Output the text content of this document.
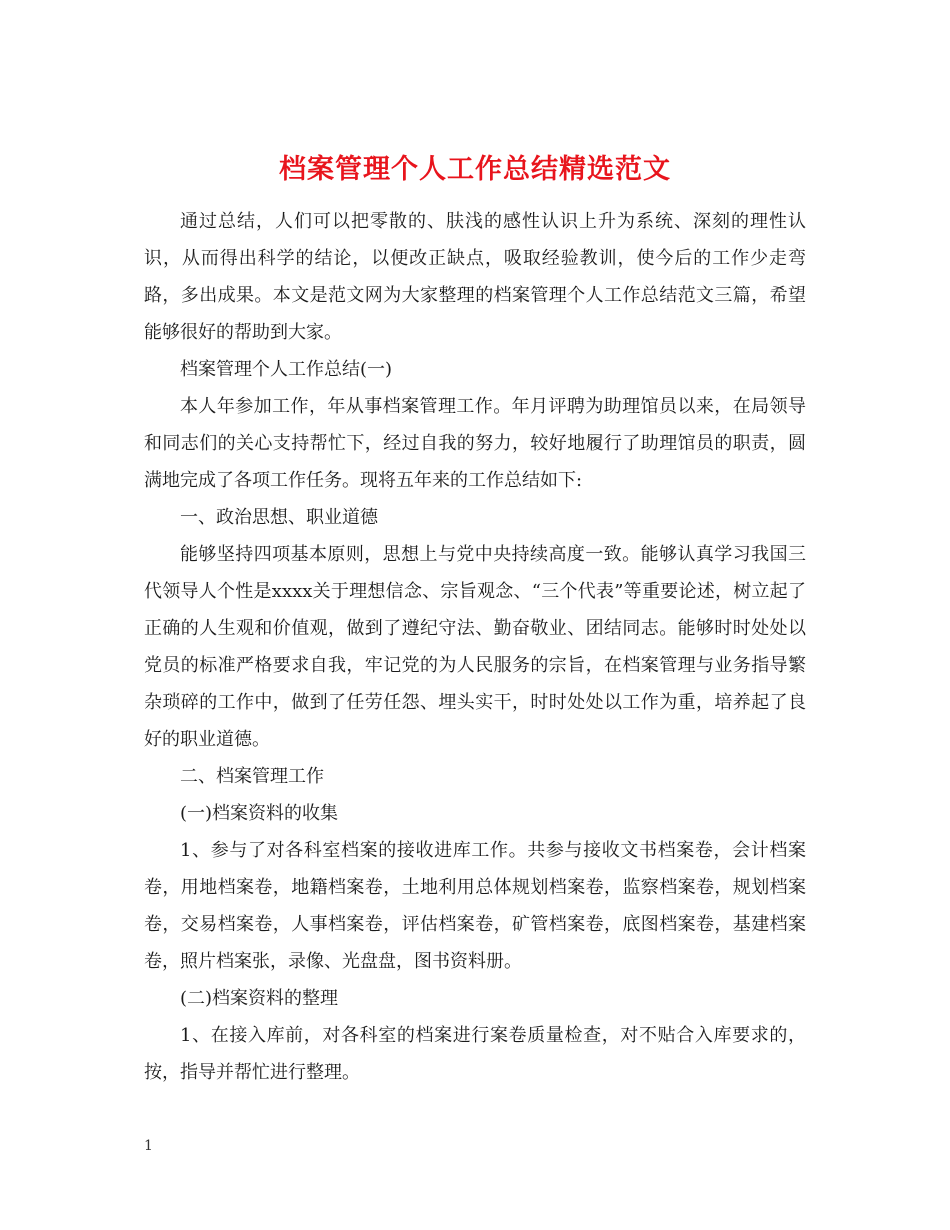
档案管理个人工作总结精选范文

通过总结，人们可以把零散的、肤浅的感性认识上升为系统、深刻的理性认识，从而得出科学的结论，以便改正缺点，吸取经验教训，使今后的工作少走弯路，多出成果。本文是范文网为大家整理的档案管理个人工作总结范文三篇，希望能够很好的帮助到大家。

档案管理个人工作总结(一)

本人年参加工作，年从事档案管理工作。年月评聘为助理馆员以来，在局领导和同志们的关心支持帮忙下，经过自我的努力，较好地履行了助理馆员的职责，圆满地完成了各项工作任务。现将五年来的工作总结如下:

一、政治思想、职业道德

能够坚持四项基本原则，思想上与党中央持续高度一致。能够认真学习我国三代领导人个性是xxxx关于理想信念、宗旨观念、“三个代表”等重要论述，树立起了正确的人生观和价值观，做到了遵纪守法、勤奋敬业、团结同志。能够时时处处以党员的标准严格要求自我，牢记党的为人民服务的宗旨，在档案管理与业务指导繁杂琐碎的工作中，做到了任劳任怨、埋头实干，时时处处以工作为重，培养起了良好的职业道德。

二、档案管理工作

(一)档案资料的收集

1、参与了对各科室档案的接收进库工作。共参与接收文书档案卷，会计档案卷，用地档案卷，地籍档案卷，土地利用总体规划档案卷，监察档案卷，规划档案卷，交易档案卷，人事档案卷，评估档案卷，矿管档案卷，底图档案卷，基建档案卷，照片档案张，录像、光盘盘，图书资料册。

(二)档案资料的整理

1、在接入库前，对各科室的档案进行案卷质量检查，对不贴合入库要求的，按，指导并帮忙进行整理。

1
